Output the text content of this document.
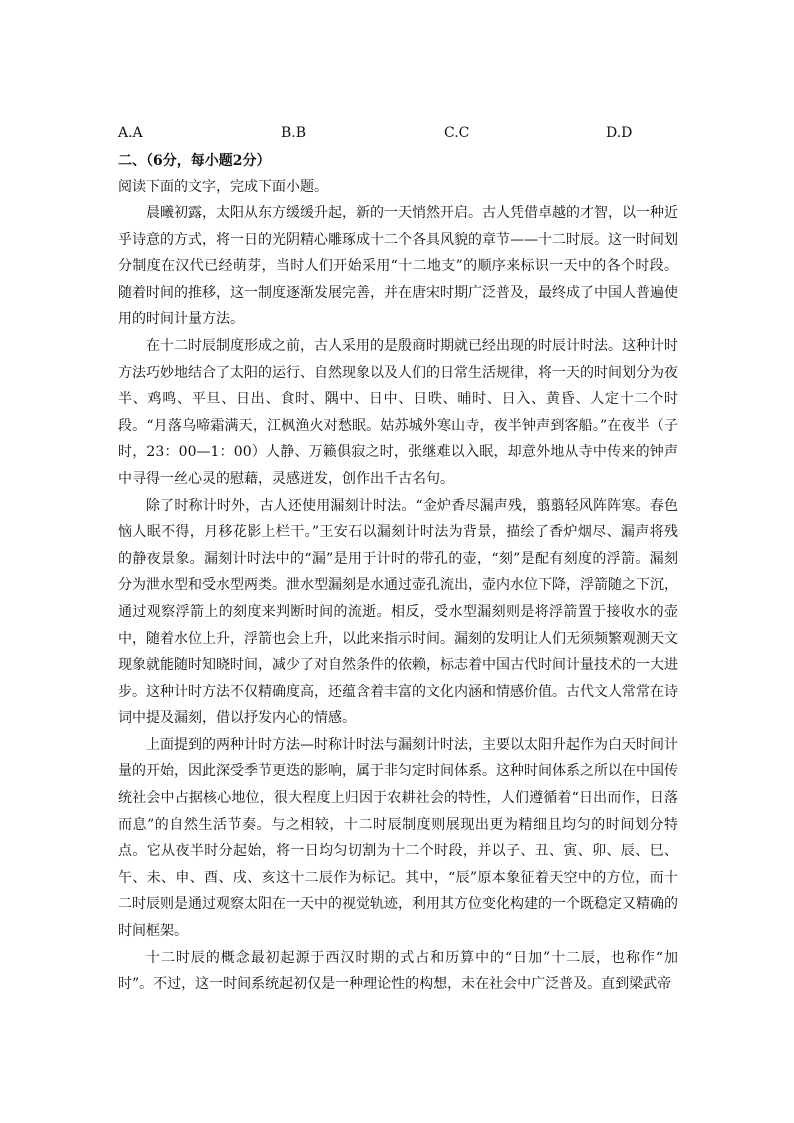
A.A	B.B	C.C	D.D
二、（6分，每小题2分）
阅读下面的文字，完成下面小题。

晨曦初露，太阳从东方缓缓升起，新的一天悄然开启。古人凭借卓越的才智，以一种近乎诗意的方式，将一日的光阴精心雕琢成十二个各具风貌的章节——十二时辰。这一时间划分制度在汉代已经萌芽，当时人们开始采用“十二地支”的顺序来标识一天中的各个时段。随着时间的推移，这一制度逐渐发展完善，并在唐宋时期广泛普及，最终成了中国人普遍使用的时间计量方法。

在十二时辰制度形成之前，古人采用的是殷商时期就已经出现的时辰计时法。这种计时方法巧妙地结合了太阳的运行、自然现象以及人们的日常生活规律，将一天的时间划分为夜半、鸡鸣、平旦、日出、食时、隅中、日中、日昳、晡时、日入、黄昏、人定十二个时段。“月落乌啼霜满天，江枫渔火对愁眠。姑苏城外寒山寺，夜半钟声到客船。”在夜半（子时，23：00—1：00）人静、万籁俱寂之时，张继难以入眠，却意外地从寺中传来的钟声中寻得一丝心灵的慰藉，灵感迸发，创作出千古名句。

除了时称计时外，古人还使用漏刻计时法。“金炉香尽漏声残，翦翦轻风阵阵寒。春色恼人眠不得，月移花影上栏干。”王安石以漏刻计时法为背景，描绘了香炉烟尽、漏声将残的静夜景象。漏刻计时法中的“漏”是用于计时的带孔的壶，“刻”是配有刻度的浮箭。漏刻分为泄水型和受水型两类。泄水型漏刻是水通过壶孔流出，壶内水位下降，浮箭随之下沉，通过观察浮箭上的刻度来判断时间的流逝。相反，受水型漏刻则是将浮箭置于接收水的壶中，随着水位上升，浮箭也会上升，以此来指示时间。漏刻的发明让人们无须频繁观测天文现象就能随时知晓时间，减少了对自然条件的依赖，标志着中国古代时间计量技术的一大进步。这种计时方法不仅精确度高，还蕴含着丰富的文化内涵和情感价值。古代文人常常在诗词中提及漏刻，借以抒发内心的情感。

上面提到的两种计时方法—时称计时法与漏刻计时法，主要以太阳升起作为白天时间计量的开始，因此深受季节更迭的影响，属于非匀定时间体系。这种时间体系之所以在中国传统社会中占据核心地位，很大程度上归因于农耕社会的特性，人们遵循着“日出而作，日落而息”的自然生活节奏。与之相较，十二时辰制度则展现出更为精细且均匀的时间划分特点。它从夜半时分起始，将一日均匀切割为十二个时段，并以子、丑、寅、卯、辰、巳、午、未、申、酉、戌、亥这十二辰作为标记。其中，“辰”原本象征着天空中的方位，而十二时辰则是通过观察太阳在一天中的视觉轨迹，利用其方位变化构建的一个既稳定又精确的时间框架。

十二时辰的概念最初起源于西汉时期的式占和历算中的“日加”十二辰，也称作“加时”。不过，这一时间系统起初仅是一种理论性的构想，未在社会中广泛普及。直到梁武帝
